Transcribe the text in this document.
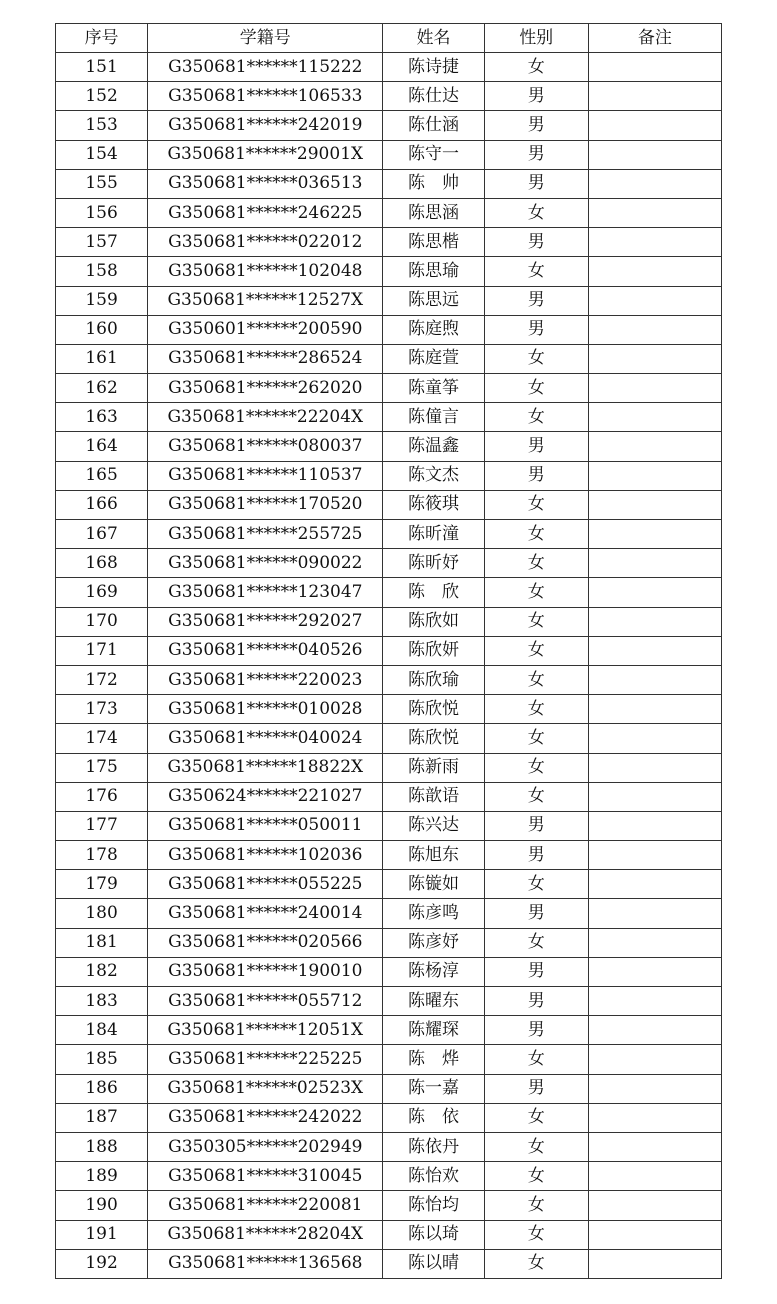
序号	学籍号	姓名	性别	备注
151	G350681******115222	陈诗捷	女	
152	G350681******106533	陈仕达	男	
153	G350681******242019	陈仕涵	男	
154	G350681******29001X	陈守一	男	
155	G350681******036513	陈　帅	男	
156	G350681******246225	陈思涵	女	
157	G350681******022012	陈思楷	男	
158	G350681******102048	陈思瑜	女	
159	G350681******12527X	陈思远	男	
160	G350601******200590	陈庭煦	男	
161	G350681******286524	陈庭萱	女	
162	G350681******262020	陈童筝	女	
163	G350681******22204X	陈僮言	女	
164	G350681******080037	陈温鑫	男	
165	G350681******110537	陈文杰	男	
166	G350681******170520	陈筱琪	女	
167	G350681******255725	陈昕潼	女	
168	G350681******090022	陈昕妤	女	
169	G350681******123047	陈　欣	女	
170	G350681******292027	陈欣如	女	
171	G350681******040526	陈欣妍	女	
172	G350681******220023	陈欣瑜	女	
173	G350681******010028	陈欣悦	女	
174	G350681******040024	陈欣悦	女	
175	G350681******18822X	陈新雨	女	
176	G350624******221027	陈歆语	女	
177	G350681******050011	陈兴达	男	
178	G350681******102036	陈旭东	男	
179	G350681******055225	陈镟如	女	
180	G350681******240014	陈彦鸣	男	
181	G350681******020566	陈彦妤	女	
182	G350681******190010	陈杨淳	男	
183	G350681******055712	陈曜东	男	
184	G350681******12051X	陈耀琛	男	
185	G350681******225225	陈　烨	女	
186	G350681******02523X	陈一嘉	男	
187	G350681******242022	陈　依	女	
188	G350305******202949	陈依丹	女	
189	G350681******310045	陈怡欢	女	
190	G350681******220081	陈怡均	女	
191	G350681******28204X	陈以琦	女	
192	G350681******136568	陈以晴	女	
